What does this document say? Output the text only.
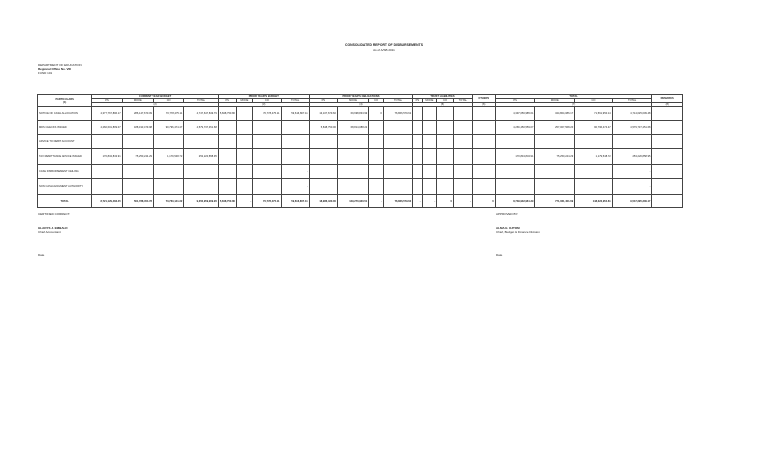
CONSOLIDATED REPORT OF DISBURSEMENTS
As of A/SB 2011
DEPARTMENT OF EDUCATION
Regional Office No. VIII
FUND 101
PARTICULARS
(1)	CURRENT YEAR BUDGET				PRIOR YEAR'S BUDGET				PRIOR YEAR'S OBLIGATIONS				TRUST LIABILITIES				OTHERS	TOTAL				REMARKS
	PS	MOOE	CO	TOTAL	PS	MOOE	CO	TOTAL	PS	MOOE	CO	TOTAL	PS	MOOE	CO	TOTAL		PS	MOOE	CO	TOTAL	
	(2)				(3)				(4)				(5)				(6)	(7)				(8)
NOTICE OF CASH ALLOCATION	4,377,767,896.17	286,147,670.09	70,778,475.11	4,747,647,849.79	5,848,750.80		70,778,475.11	59,616,807.11	13,107,679.60	69,698,833.99	0	76,866,579.62						4,397,656,985.61	344,804,086.17	71,561,950.14	4,714,025,009.48	
MDS CHECKS ISSUED	4,260,601,809.07	188,193,479.98	90,796,474.47	4,579,737,451.68					5,848,750.00	68,814,088.22								4,266,450,559.07	257,007,568.20	90,796,474.47	4,579,737,451.68	
ADVICE TO DEBIT ACCOUNT																						
TAX REMITTANCE ADVICE ISSUED	170,834,843.91	75,250,244.29	1,179,548.72	253,220,858.95														170,834,843.91	75,250,244.29	1,179,548.72	253,220,858.95	
CASH DISBURSEMENT CEILING								-													-	
NON CASH AVAILMENT AUTHORITY								-													-	
TOTAL	8,721,129,483.45	561,788,454.78	73,763,141.32	9,356,959,909.26	5,848,750.80	-	70,778,475.11	59,616,807.11	18,986,430.00	129,270,930.51	-	76,866,579.62	-	-	0	-	0	8,739,932,961.39	771,061,401.69	148,323,954.61	9,547,295,309.17	
CERTIFIED CORRECT:
GLADYS J. EMBALD
Chief Accountant
Date
APPROVED BY:
ALMA E. OJTOM
Chief, Budget & Finance Division
Date
